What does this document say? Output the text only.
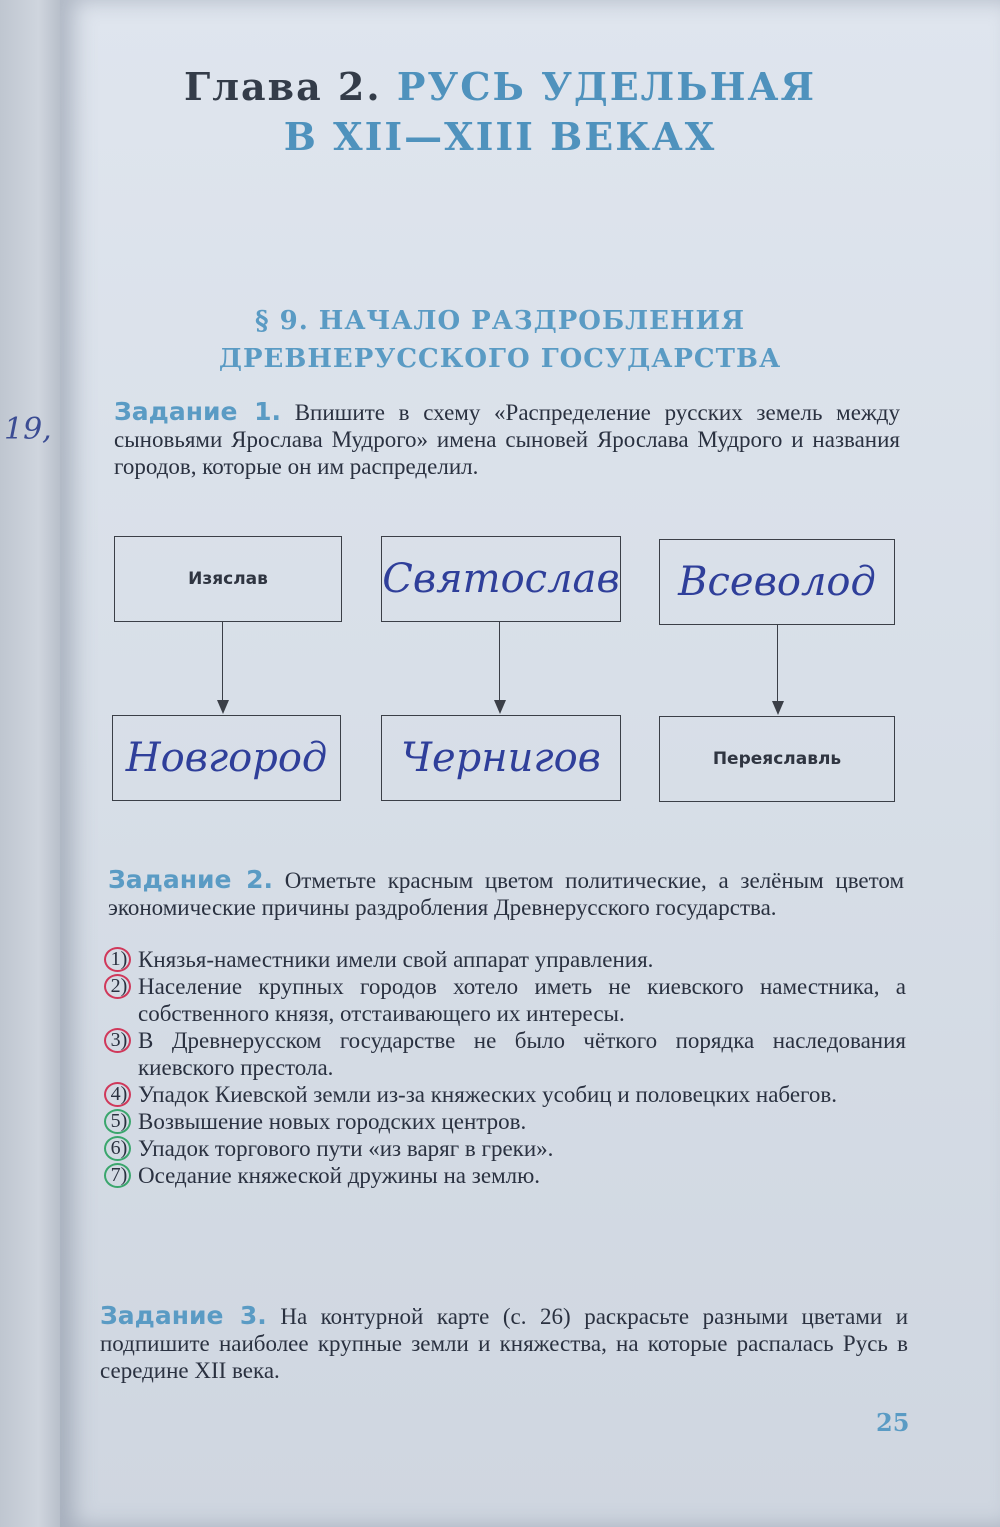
19,
Глава 2. РУСЬ УДЕЛЬНАЯ
В XII—XIII ВЕКАХ
§ 9. НАЧАЛО РАЗДРОБЛЕНИЯ
ДРЕВНЕРУССКОГО ГОСУДАРСТВА
Задание 1. Впишите в схему «Распределение русских земель между сыновьями Ярослава Мудрого» имена сыновей Ярослава Мудрого и названия городов, которые он им распределил.
Изяслав	Святослав Всеволод
Новгород Чернигов	Переяславль
Задание 2. Отметьте красным цветом политические, а зелёным цветом экономические причины раздробления Древнерусского государства.
1) Князья-наместники имели свой аппарат управления.
2) Население крупных городов хотело иметь не киевского наместника, а собственного князя, отстаивающего их интересы.
3) В Древнерусском государстве не было чёткого порядка наследования киевского престола.
4) Упадок Киевской земли из-за княжеских усобиц и половецких набегов.
5) Возвышение новых городских центров.
6) Упадок торгового пути «из варяг в греки».
7) Оседание княжеской дружины на землю.
Задание 3. На контурной карте (с. 26) раскрасьте разными цветами и подпишите наиболее крупные земли и княжества, на которые распалась Русь в середине XII века.
25
